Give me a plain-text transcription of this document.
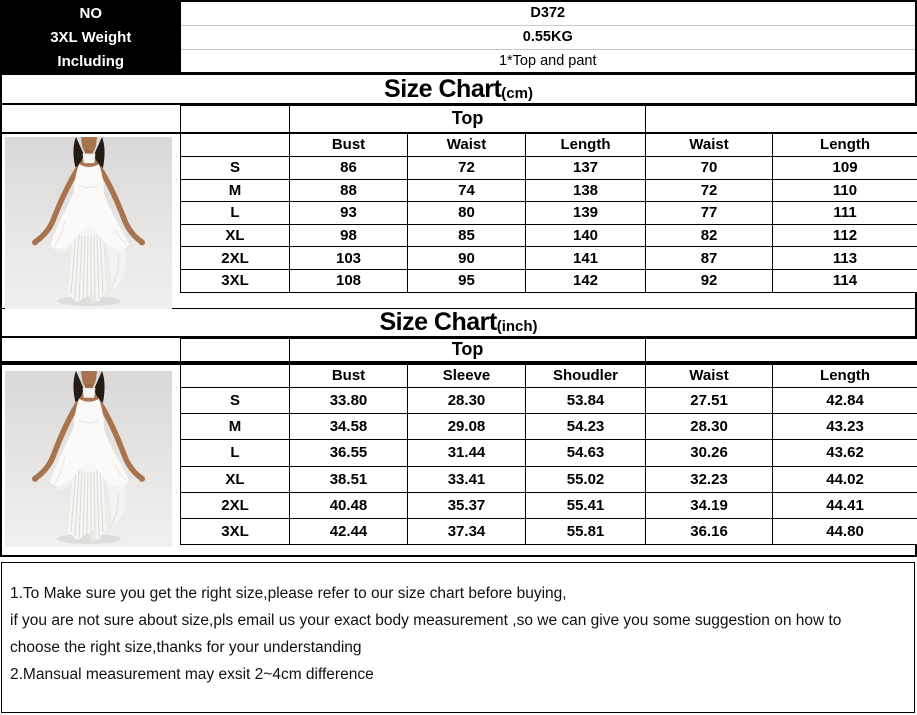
NO	D372
3XL Weight	0.55KG
Including	1*Top and pant
Size Chart (cm)
	Top				
	Bust	Waist	Length	Waist	Length
S	86	72	137	70	109
M	88	74	138	72	110
L	93	80	139	77	111
XL	98	85	140	82	112
2XL	103	90	141	87	113
3XL	108	95	142	92	114
Size Chart (inch)
	Top				
	Bust	Sleeve	Shoudler	Waist	Length
S	33.80	28.30	53.84	27.51	42.84
M	34.58	29.08	54.23	28.30	43.23
L	36.55	31.44	54.63	30.26	43.62
XL	38.51	33.41	55.02	32.23	44.02
2XL	40.48	35.37	55.41	34.19	44.41
3XL	42.44	37.34	55.81	36.16	44.80
1.To Make sure you get the right size,please refer to our size chart before buying,
if you are not sure about size,pls email us your exact body measurement ,so we can give you some suggestion on how to
choose the right size,thanks for your understanding
2.Mansual measurement may exsit 2~4cm difference
